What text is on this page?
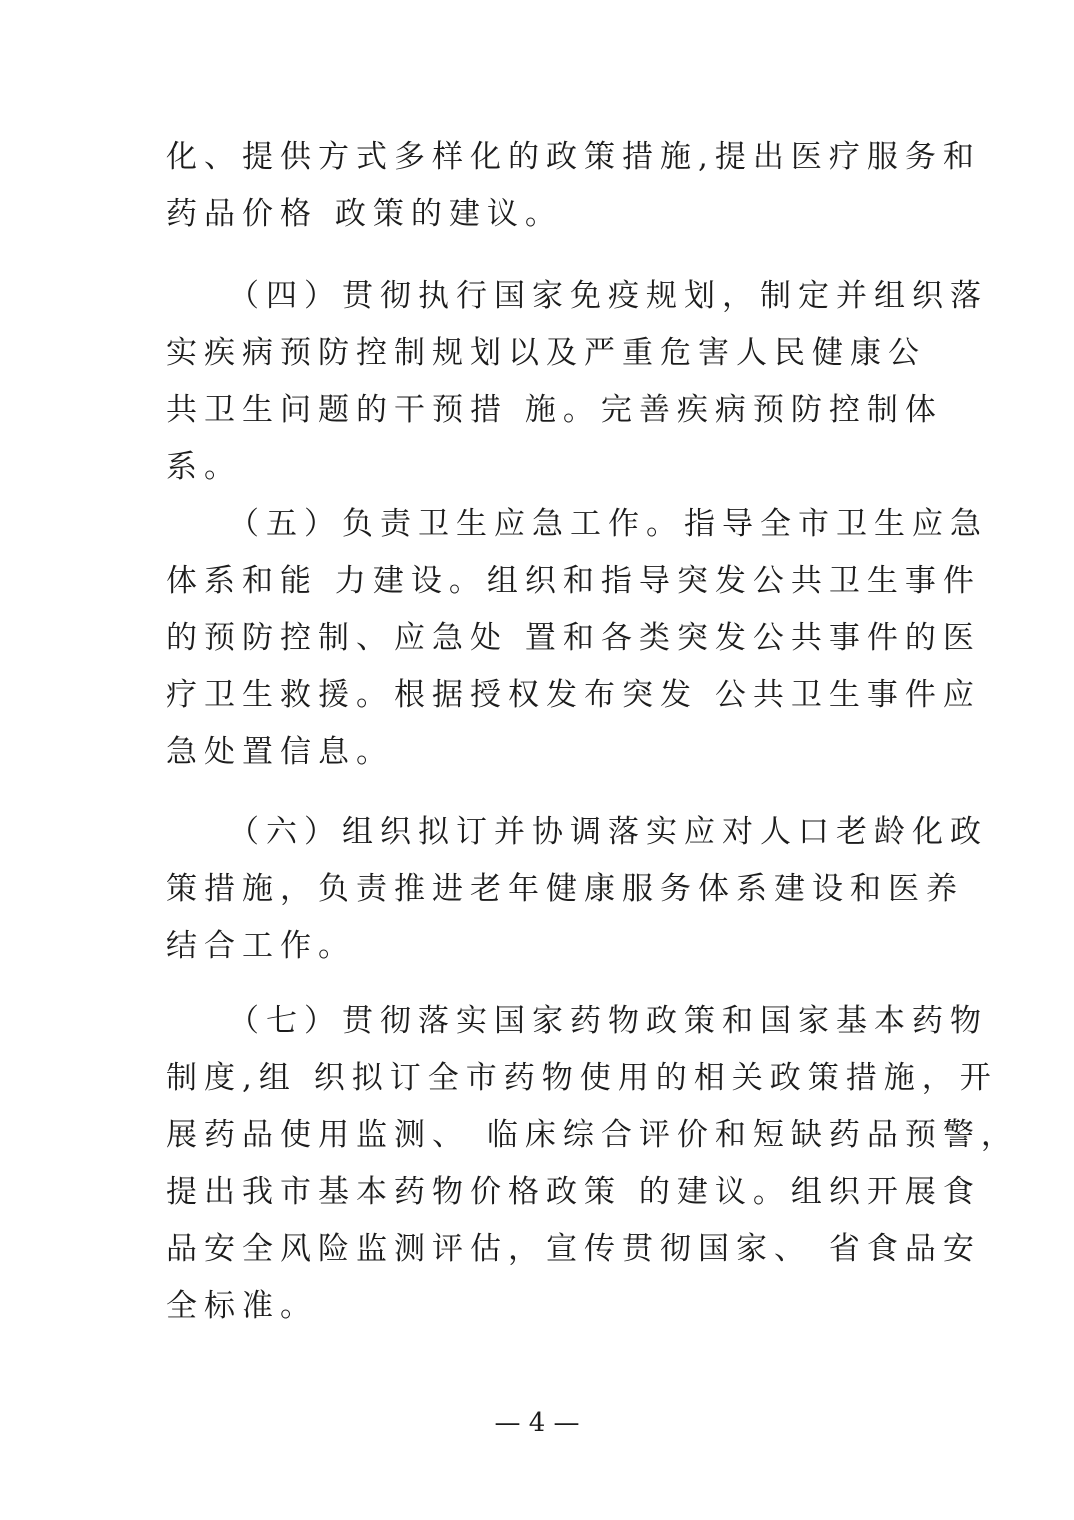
化、提供方式多样化的政策措施,提出医疗服务和
药品价格 政策的建议。
（四）贯彻执行国家免疫规划，制定并组织落
实疾病预防控制规划以及严重危害人民健康公
共卫生问题的干预措 施。完善疾病预防控制体
系。
（五）负责卫生应急工作。指导全市卫生应急
体系和能 力建设。组织和指导突发公共卫生事件
的预防控制、应急处 置和各类突发公共事件的医
疗卫生救援。根据授权发布突发 公共卫生事件应
急处置信息。
（六）组织拟订并协调落实应对人口老龄化政
策措施，负责推进老年健康服务体系建设和医养
结合工作。
（七）贯彻落实国家药物政策和国家基本药物
制度,组 织拟订全市药物使用的相关政策措施，开
展药品使用监测、 临床综合评价和短缺药品预警，
提出我市基本药物价格政策 的建议。组织开展食
品安全风险监测评估，宣传贯彻国家、 省食品安
全标准。
— 4 —
